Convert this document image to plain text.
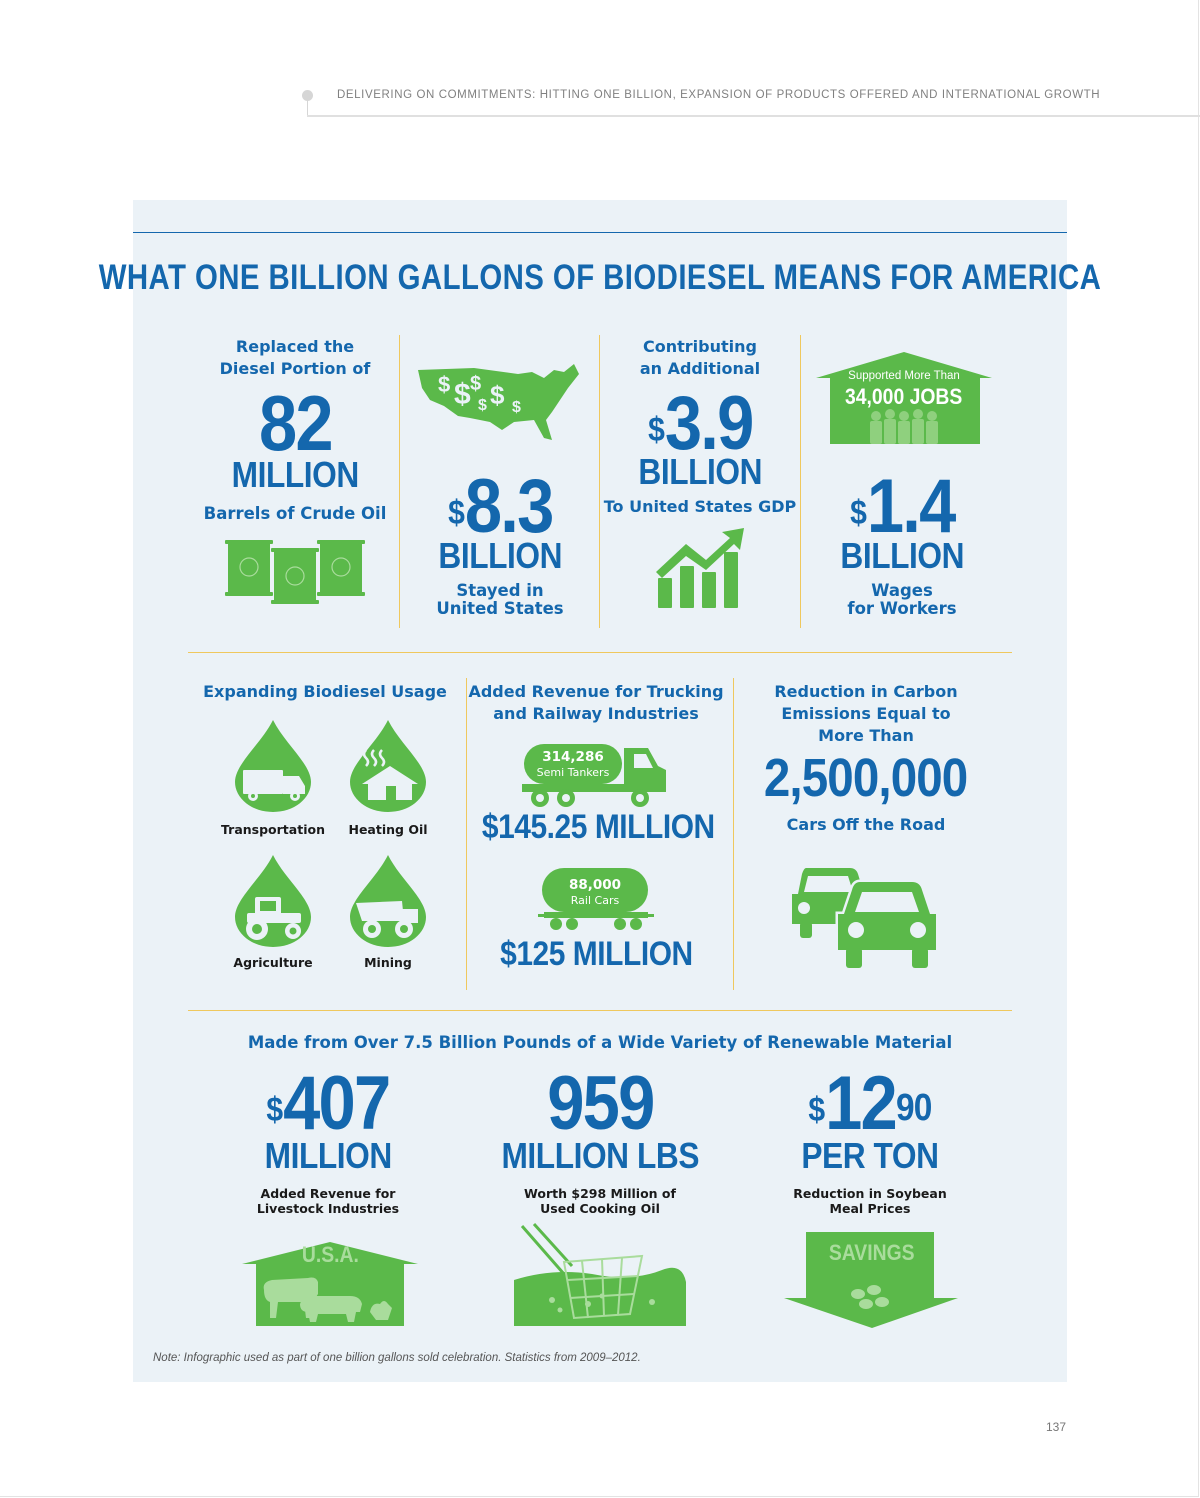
DELIVERING ON COMMITMENTS: HITTING ONE BILLION, EXPANSION OF PRODUCTS OFFERED AND INTERNATIONAL GROWTH
WHAT ONE BILLION GALLONS OF BIODIESEL MEANS FOR AMERICA
Replaced the
Diesel Portion of
82
MILLION
Barrels of Crude Oil
$ $ $
$ $ $
$8.3
BILLION
Stayed in
United States
Contributing
an Additional
$3.9
BILLION
To United States GDP
Supported More Than
34,000 JOBS
$1.4
BILLION
Wages
for Workers
Expanding Biodiesel Usage
Transportation	Heating Oil
Agriculture	Mining
Added Revenue for Trucking
and Railway Industries
314,286
Semi Tankers
$145.25 MILLION
88,000
Rail Cars
$125 MILLION
Reduction in Carbon
Emissions Equal to
More Than
2,500,000
Cars Off the Road
Made from Over 7.5 Billion Pounds of a Wide Variety of Renewable Material
$407
MILLION
Added Revenue for
Livestock Industries
U.S.A.
959
MILLION LBS
Worth $298 Million of
Used Cooking Oil
$^{\$}12^{90}$
PER TON
Reduction in Soybean
Meal Prices
SAVINGS
Note: Infographic used as part of one billion gallons sold celebration. Statistics from 2009–2012.
137
